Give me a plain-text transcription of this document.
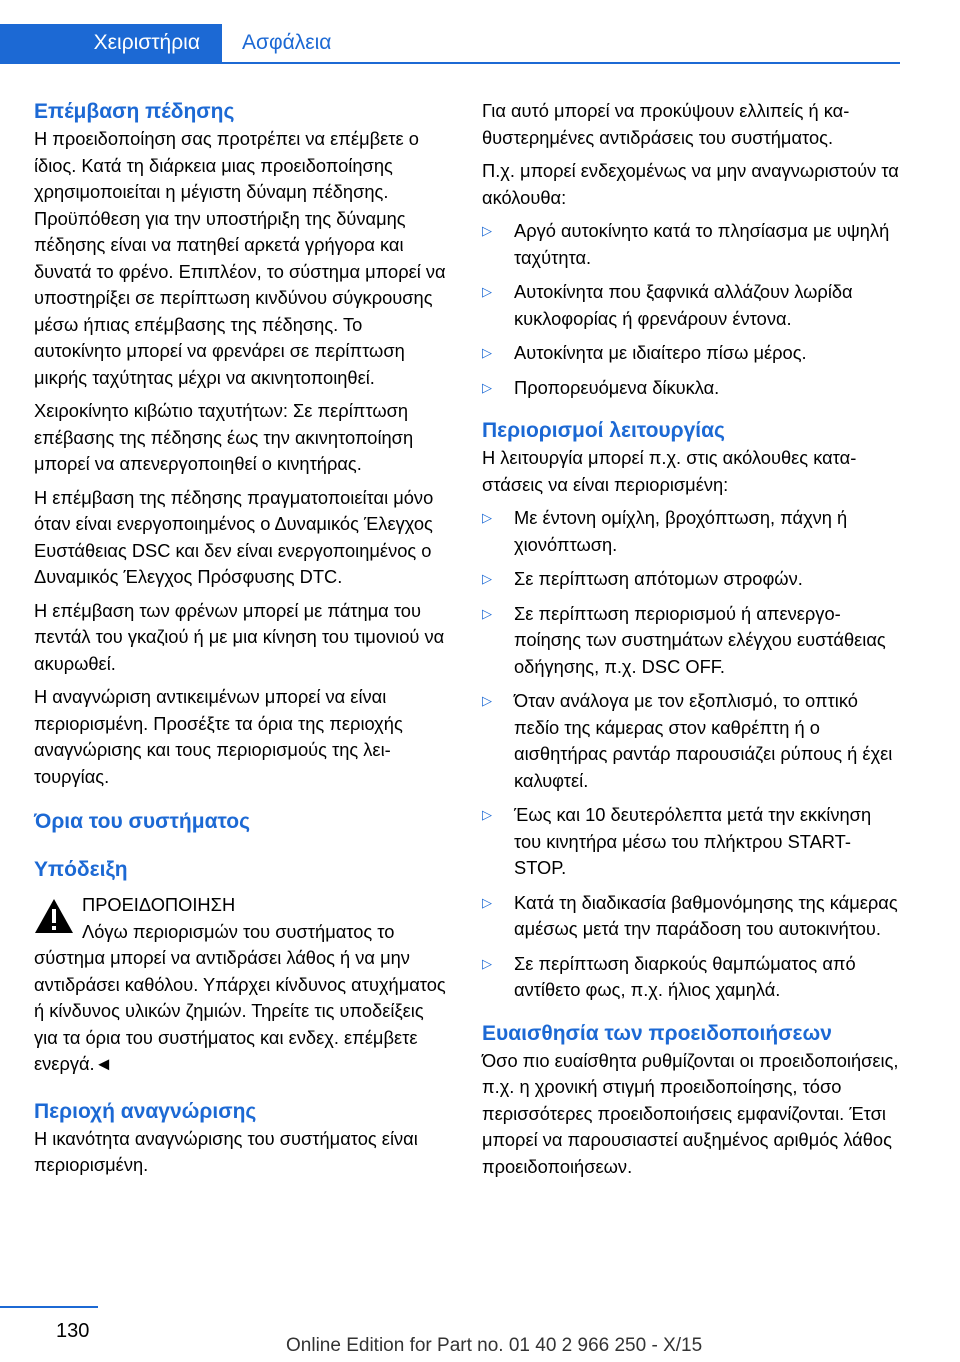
Χειριστήρια	Ασφάλεια
Επέμβαση πέδησης

Η προειδοποίηση σας προτρέπει να επέμβετε ο ίδιος. Κατά τη διάρκεια μιας προειδοποίησης χρησιμοποιείται η μέγιστη δύναμη πέδησης. Προϋπόθεση για την υποστήριξη της δύναμης πέδησης είναι να πατηθεί αρκετά γρήγορα και δυνατά το φρένο. Επιπλέον, το σύστημα μπορεί να υποστηρίξει σε περίπτωση κινδύνου σύγκρουσης μέσω ήπιας επέμβασης της πέδησης. Το αυτοκίνητο μπορεί να φρενάρει σε περίπτωση μικρής ταχύτητας μέχρι να ακινητοποιηθεί.

Χειροκίνητο κιβώτιο ταχυτήτων: Σε περίπτωση επέβασης της πέδησης έως την ακινητοποίηση μπορεί να απενεργοποιηθεί ο κινητήρας.

Η επέμβαση της πέδησης πραγματοποιείται μόνο όταν είναι ενεργοποιημένος ο Δυναμικός Έλεγχος Ευστάθειας DSC και δεν είναι ενεργοποιημένος ο Δυναμικός Έλεγχος Πρόσφυσης DTC.

Η επέμβαση των φρένων μπορεί με πάτημα του πεντάλ του γκαζιού ή με μια κίνηση του τιμονιού να ακυρωθεί.

Η αναγνώριση αντικειμένων μπορεί να είναι περιορισμένη. Προσέξτε τα όρια της περιοχής αναγνώρισης και τους περιορισμούς της λειτουργίας.

Όρια του συστήματος
Υπόδειξη
ΠΡΟΕΙΔΟΠΟΙΗΣΗ

Λόγω περιορισμών του συστήματος το σύστημα μπορεί να αντιδράσει λάθος ή να μην αντιδράσει καθόλου. Υπάρχει κίνδυνος ατυχήματος ή κίνδυνος υλικών ζημιών. Τηρείτε τις υποδείξεις για τα όρια του συστήματος και ενδεχ. επέμβετε ενεργά.◄

Περιοχή αναγνώρισης

Η ικανότητα αναγνώρισης του συστήματος είναι περιορισμένη.

Για αυτό μπορεί να προκύψουν ελλιπείς ή καθυστερημένες αντιδράσεις του συστήματος.

Π.χ. μπορεί ενδεχομένως να μην αναγνωριστούν τα ακόλουθα:

▷ Αργό αυτοκίνητο κατά το πλησίασμα με υψηλή ταχύτητα.
▷ Αυτοκίνητα που ξαφνικά αλλάζουν λωρίδα κυκλοφορίας ή φρενάρουν έντονα.
▷ Αυτοκίνητα με ιδιαίτερο πίσω μέρος.
▷ Προπορευόμενα δίκυκλα.
Περιορισμοί λειτουργίας

Η λειτουργία μπορεί π.χ. στις ακόλουθες καταστάσεις να είναι περιορισμένη:

▷ Με έντονη ομίχλη, βροχόπτωση, πάχνη ή χιονόπτωση.
▷ Σε περίπτωση απότομων στροφών.
▷ Σε περίπτωση περιορισμού ή απενεργοποίησης των συστημάτων ελέγχου ευστάθειας οδήγησης, π.χ. DSC OFF.
▷ Όταν ανάλογα με τον εξοπλισμό, το οπτικό πεδίο της κάμερας στον καθρέπτη ή ο αισθητήρας ραντάρ παρουσιάζει ρύπους ή έχει καλυφτεί.
▷ Έως και 10 δευτερόλεπτα μετά την εκκίνηση του κινητήρα μέσω του πλήκτρου START-STOP.
▷ Κατά τη διαδικασία βαθμονόμησης της κάμερας αμέσως μετά την παράδοση του αυτοκινήτου.
▷ Σε περίπτωση διαρκούς θαμπώματος από αντίθετο φως, π.χ. ήλιος χαμηλά.
Ευαισθησία των προειδοποιήσεων

Όσο πιο ευαίσθητα ρυθμίζονται οι προειδοποιήσεις, π.χ. η χρονική στιγμή προειδοποίησης, τόσο περισσότερες προειδοποιήσεις εμφανίζονται. Έτσι μπορεί να παρουσιαστεί αυξημένος αριθμός λάθος προειδοποιήσεων.

130
Online Edition for Part no. 01 40 2 966 250 - X/15
